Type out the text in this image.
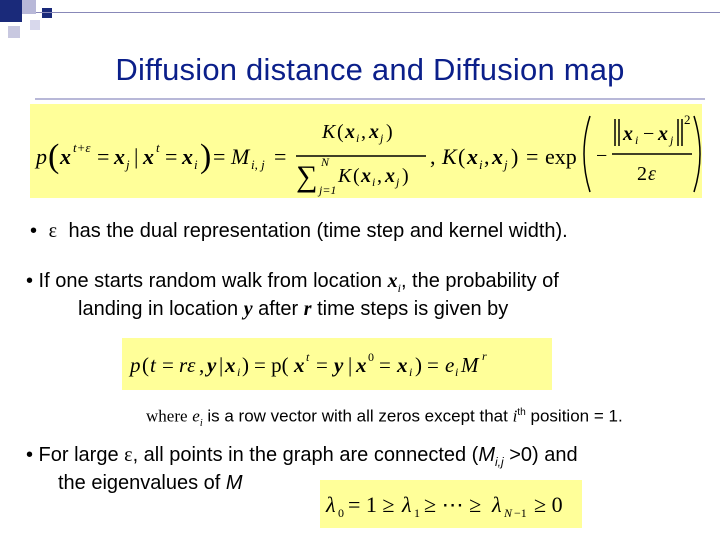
Diffusion distance and Diffusion map
p ( x t+ε = x j | x t = x i ) = M i, j =
K ( x i , x j )
N
∑ j=1
K ( x i , x j )
, K ( x i , x j ) = exp −
x i − x j
2
2 ε
• ε has the dual representation (time step and kernel width).
• If one starts random walk from location $x_i$, the probability of
landing in location y after r time steps is given by
p ( t = rε , y | x i ) = p( x t = y | x 0 = x i ) = e i M r
where $e_i$ is a row vector with all zeros except that $i^{th}$ position = 1.
• For large ε, all points in the graph are connected $(M_{i,j} >0)$ and
the eigenvalues of M
λ 0 = 1 ≥ λ 1 ≥ ⋯ ≥ λ N −1 ≥ 0
